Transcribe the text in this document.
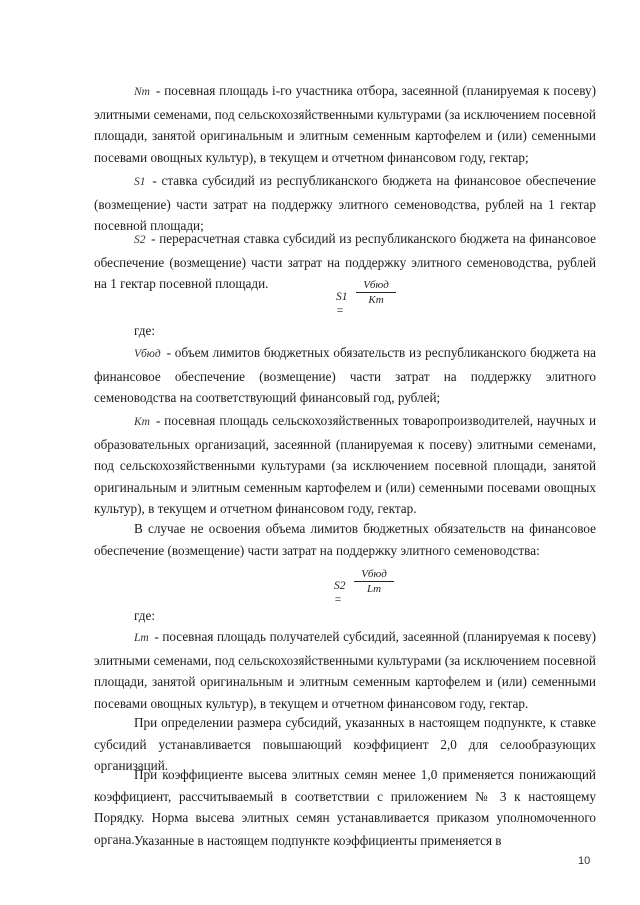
Nт - посевная площадь i-го участника отбора, засеянной (планируемая к посеву) элитными семенами, под сельскохозяйственными культурами (за исключением посевной площади, занятой оригинальным и элитным семенным картофелем и (или) семенными посевами овощных культур), в текущем и отчетном финансовом году, гектар;

S1 - ставка субсидий из республиканского бюджета на финансовое обеспечение (возмещение) части затрат на поддержку элитного семеноводства, рублей на 1 гектар посевной площади;

S2 - перерасчетная ставка субсидий из республиканского бюджета на финансовое обеспечение (возмещение) части затрат на поддержку элитного семеноводства, рублей на 1 гектар посевной площади.

S1 =
Vбюд
Kт

где:

Vбюд - объем лимитов бюджетных обязательств из республиканского бюджета на финансовое обеспечение (возмещение) части затрат на поддержку элитного семеноводства на соответствующий финансовый год, рублей;

Kт - посевная площадь сельскохозяйственных товаропроизводителей, научных и образовательных организаций, засеянной (планируемая к посеву) элитными семенами, под сельскохозяйственными культурами (за исключением посевной площади, занятой оригинальным и элитным семенным картофелем и (или) семенными посевами овощных культур), в текущем и отчетном финансовом году, гектар.

В случае не освоения объема лимитов бюджетных обязательств на финансовое обеспечение (возмещение) части затрат на поддержку элитного семеноводства:

S2 =
Vбюд
Lт

где:

Lт - посевная площадь получателей субсидий, засеянной (планируемая к посеву) элитными семенами, под сельскохозяйственными культурами (за исключением посевной площади, занятой оригинальным и элитным семенным картофелем и (или) семенными посевами овощных культур), в текущем и отчетном финансовом году, гектар.

При определении размера субсидий, указанных в настоящем подпункте, к ставке субсидий устанавливается повышающий коэффициент 2,0 для селообразующих организаций.

При коэффициенте высева элитных семян менее 1,0 применяется понижающий коэффициент, рассчитываемый в соответствии с приложением № 3 к настоящему Порядку. Норма высева элитных семян устанавливается приказом уполномоченного органа. Указанные в настоящем подпункте коэффициенты применяется в

10
